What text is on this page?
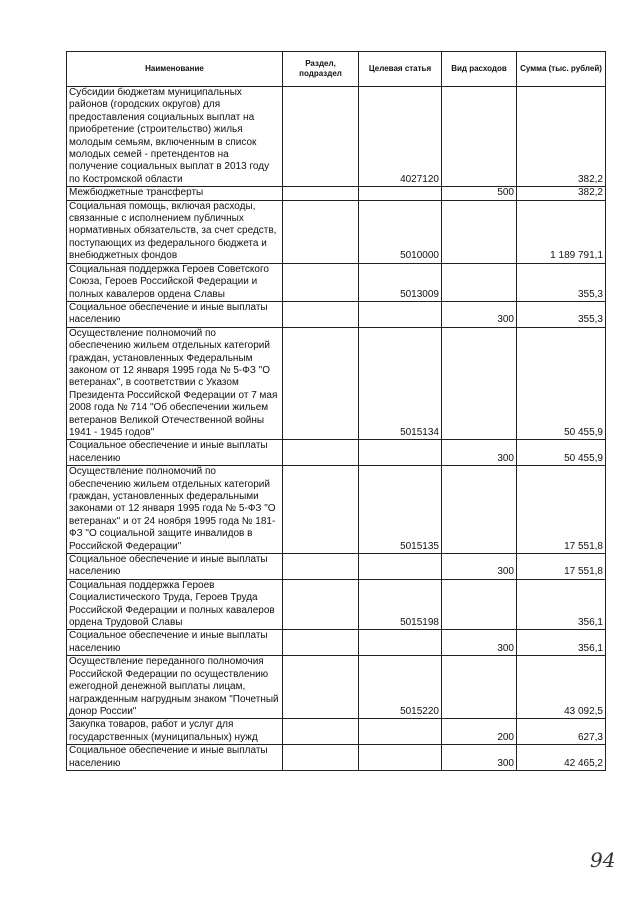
Наименование	Раздел, подраздел	Целевая статья	Вид расходов	Сумма (тыс. рублей)
Субсидии бюджетам муниципальных районов (городских округов) для предоставления социальных выплат на приобретение (строительство) жилья молодым семьям, включенным в список молодых семей - претендентов на получение социальных выплат в 2013 году по Костромской области		4027120		382,2
Межбюджетные трансферты			500	382,2
Социальная помощь, включая расходы, связанные с исполнением публичных нормативных обязательств, за счет средств, поступающих из федерального бюджета и внебюджетных фондов		5010000		1 189 791,1
Социальная поддержка Героев Советского Союза, Героев Российской Федерации и полных кавалеров ордена Славы		5013009		355,3
Социальное обеспечение и иные выплаты населению			300	355,3
Осуществление полномочий по обеспечению жильем отдельных категорий граждан, установленных Федеральным законом от 12 января 1995 года № 5-ФЗ "О ветеранах", в соответствии с Указом Президента Российской Федерации от 7 мая 2008 года № 714 "Об обеспечении жильем ветеранов Великой Отечественной войны 1941 - 1945 годов"		5015134		50 455,9
Социальное обеспечение и иные выплаты населению			300	50 455,9
Осуществление полномочий по обеспечению жильем отдельных категорий граждан, установленных федеральными законами от 12 января 1995 года № 5-ФЗ "О ветеранах" и от 24 ноября 1995 года № 181-ФЗ "О социальной защите инвалидов в Российской Федерации"		5015135		17 551,8
Социальное обеспечение и иные выплаты населению			300	17 551,8
Социальная поддержка Героев Социалистического Труда, Героев Труда Российской Федерации и полных кавалеров ордена Трудовой Славы		5015198		356,1
Социальное обеспечение и иные выплаты населению			300	356,1
Осуществление переданного полномочия Российской Федерации по осуществлению ежегодной денежной выплаты лицам, награжденным нагрудным знаком "Почетный донор России"		5015220		43 092,5
Закупка товаров, работ и услуг для государственных (муниципальных) нужд			200	627,3
Социальное обеспечение и иные выплаты населению			300	42 465,2
94
